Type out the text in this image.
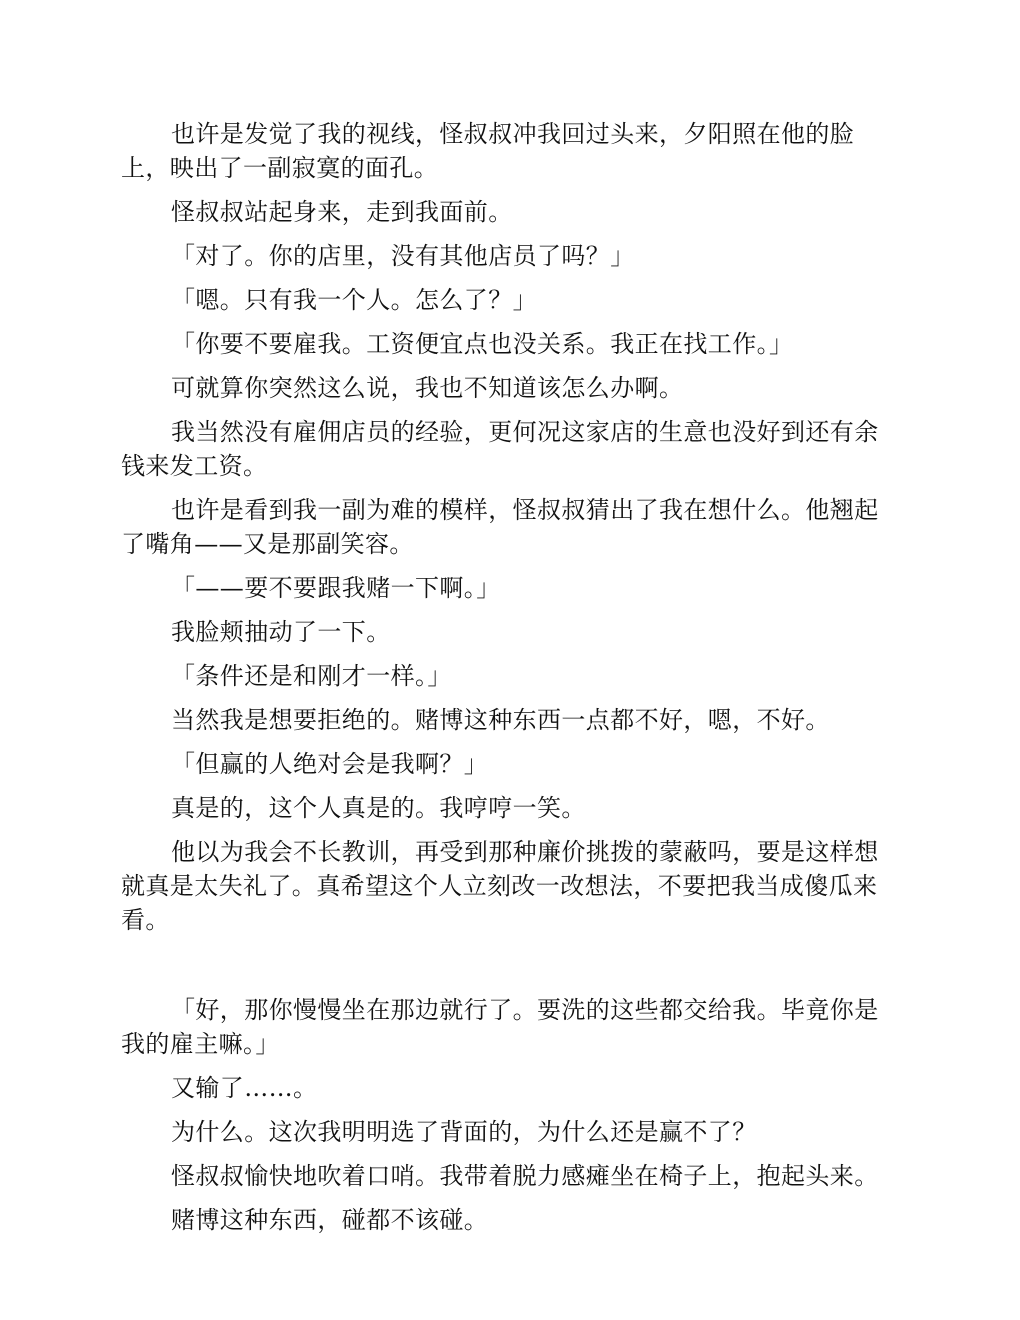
也许是发觉了我的视线，怪叔叔冲我回过头来，夕阳照在他的脸上，映出了一副寂寞的面孔。

怪叔叔站起身来，走到我面前。

「对了。你的店里，没有其他店员了吗？」

「嗯。只有我一个人。怎么了？」

「你要不要雇我。工资便宜点也没关系。我正在找工作。」

可就算你突然这么说，我也不知道该怎么办啊。

我当然没有雇佣店员的经验，更何况这家店的生意也没好到还有余钱来发工资。

也许是看到我一副为难的模样，怪叔叔猜出了我在想什么。他翘起了嘴角——又是那副笑容。

「——要不要跟我赌一下啊。」

我脸颊抽动了一下。

「条件还是和刚才一样。」

当然我是想要拒绝的。赌博这种东西一点都不好，嗯，不好。

「但赢的人绝对会是我啊？」

真是的，这个人真是的。我哼哼一笑。

他以为我会不长教训，再受到那种廉价挑拨的蒙蔽吗，要是这样想就真是太失礼了。真希望这个人立刻改一改想法，不要把我当成傻瓜来看。

「好，那你慢慢坐在那边就行了。要洗的这些都交给我。毕竟你是我的雇主嘛。」

又输了……。

为什么。这次我明明选了背面的，为什么还是赢不了？

怪叔叔愉快地吹着口哨。我带着脱力感瘫坐在椅子上，抱起头来。

赌博这种东西，碰都不该碰。
